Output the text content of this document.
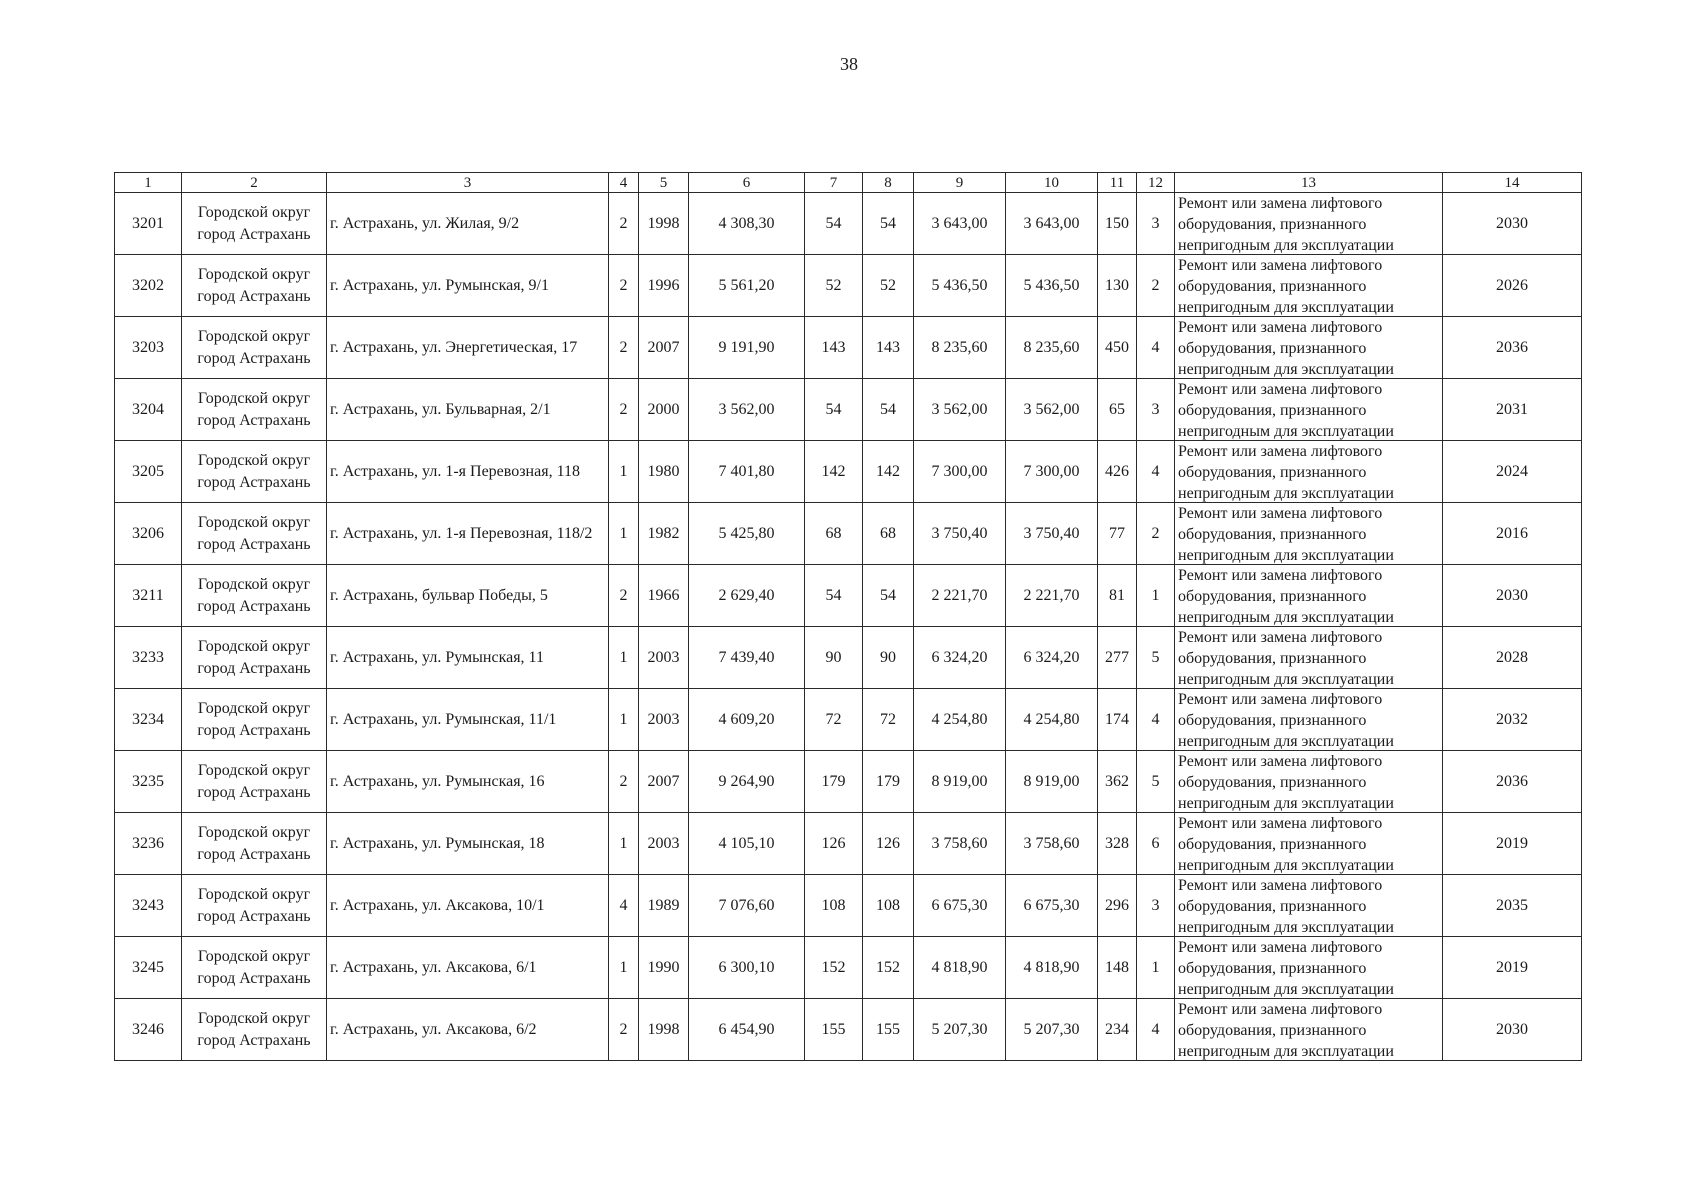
38
1	2	3	4	5	6	7	8	9	10	11	12	13	14
3201	Городской округ город Астрахань	г. Астрахань, ул. Жилая, 9/2	2	1998	4 308,30	54	54	3 643,00	3 643,00	150	3	Ремонт или замена лифтового оборудования, признанного непригодным для эксплуатации	2030
3202	Городской округ город Астрахань	г. Астрахань, ул. Румынская, 9/1	2	1996	5 561,20	52	52	5 436,50	5 436,50	130	2	Ремонт или замена лифтового оборудования, признанного непригодным для эксплуатации	2026
3203	Городской округ город Астрахань	г. Астрахань, ул. Энергетическая, 17	2	2007	9 191,90	143	143	8 235,60	8 235,60	450	4	Ремонт или замена лифтового оборудования, признанного непригодным для эксплуатации	2036
3204	Городской округ город Астрахань	г. Астрахань, ул. Бульварная, 2/1	2	2000	3 562,00	54	54	3 562,00	3 562,00	65	3	Ремонт или замена лифтового оборудования, признанного непригодным для эксплуатации	2031
3205	Городской округ город Астрахань	г. Астрахань, ул. 1-я Перевозная, 118	1	1980	7 401,80	142	142	7 300,00	7 300,00	426	4	Ремонт или замена лифтового оборудования, признанного непригодным для эксплуатации	2024
3206	Городской округ город Астрахань	г. Астрахань, ул. 1-я Перевозная, 118/2	1	1982	5 425,80	68	68	3 750,40	3 750,40	77	2	Ремонт или замена лифтового оборудования, признанного непригодным для эксплуатации	2016
3211	Городской округ город Астрахань	г. Астрахань, бульвар Победы, 5	2	1966	2 629,40	54	54	2 221,70	2 221,70	81	1	Ремонт или замена лифтового оборудования, признанного непригодным для эксплуатации	2030
3233	Городской округ город Астрахань	г. Астрахань, ул. Румынская, 11	1	2003	7 439,40	90	90	6 324,20	6 324,20	277	5	Ремонт или замена лифтового оборудования, признанного непригодным для эксплуатации	2028
3234	Городской округ город Астрахань	г. Астрахань, ул. Румынская, 11/1	1	2003	4 609,20	72	72	4 254,80	4 254,80	174	4	Ремонт или замена лифтового оборудования, признанного непригодным для эксплуатации	2032
3235	Городской округ город Астрахань	г. Астрахань, ул. Румынская, 16	2	2007	9 264,90	179	179	8 919,00	8 919,00	362	5	Ремонт или замена лифтового оборудования, признанного непригодным для эксплуатации	2036
3236	Городской округ город Астрахань	г. Астрахань, ул. Румынская, 18	1	2003	4 105,10	126	126	3 758,60	3 758,60	328	6	Ремонт или замена лифтового оборудования, признанного непригодным для эксплуатации	2019
3243	Городской округ город Астрахань	г. Астрахань, ул. Аксакова, 10/1	4	1989	7 076,60	108	108	6 675,30	6 675,30	296	3	Ремонт или замена лифтового оборудования, признанного непригодным для эксплуатации	2035
3245	Городской округ город Астрахань	г. Астрахань, ул. Аксакова, 6/1	1	1990	6 300,10	152	152	4 818,90	4 818,90	148	1	Ремонт или замена лифтового оборудования, признанного непригодным для эксплуатации	2019
3246	Городской округ город Астрахань	г. Астрахань, ул. Аксакова, 6/2	2	1998	6 454,90	155	155	5 207,30	5 207,30	234	4	Ремонт или замена лифтового оборудования, признанного непригодным для эксплуатации	2030
